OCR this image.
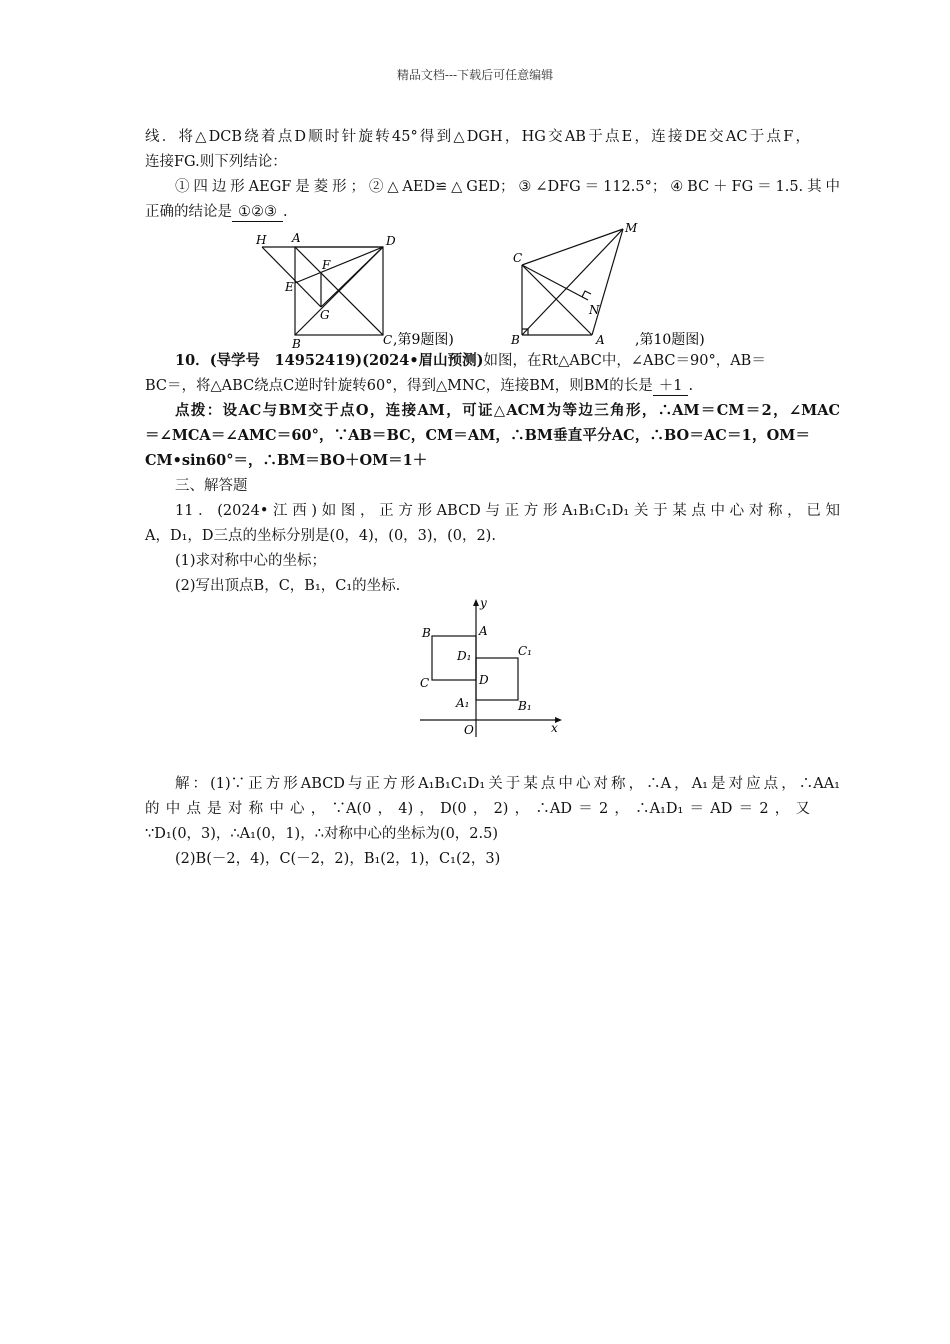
精品文档---下载后可任意编辑
线．将△DCB绕着点D顺时针旋转45°得到△DGH，HG交AB于点E，连接DE交AC于点F，
连接FG.则下列结论：
①四边形AEGF是菱形；②△AED≌△GED；③∠DFG＝112.5°；④BC＋FG＝1.5.其中
正确的结论是 ①②③ .
10．(导学号　14952419)(2024•眉山预测)如图，在Rt△ABC中，∠ABC＝90°，AB＝
BC＝，将△ABC绕点C逆时针旋转60°，得到△MNC，连接BM，则BM的长是 ＋1 .
点拨：设AC与BM交于点O，连接AM，可证△ACM为等边三角形，∴AM＝CM＝2，∠MAC
＝∠MCA＝∠AMC＝60°，∵AB＝BC，CM＝AM，∴BM垂直平分AC，∴BO＝AC＝1，OM＝
CM•sin60°＝，∴BM＝BO＋OM＝1＋
三、解答题
11．(2024•江西)如图，正方形ABCD与正方形A₁B₁C₁D₁关于某点中心对称，已知
A，D₁，D三点的坐标分别是(0，4)，(0，3)，(0，2).
(1)求对称中心的坐标；
(2)写出顶点B，C，B₁，C₁的坐标.
解：(1)∵正方形ABCD与正方形A₁B₁C₁D₁关于某点中心对称，∴A，A₁是对应点，∴AA₁
的中点是对称中心，∵A(0，4)，D(0，2)，∴AD＝2，∴A₁D₁＝AD＝2，又
∵D₁(0，3)，∴A₁(0，1)，∴对称中心的坐标为(0，2.5)
(2)B(－2，4)，C(－2，2)，B₁(2，1)，C₁(2，3)
H A	D
F
E
G
B	C ,第9题图)
M
C
N
B	A ,第10题图)
y
B	A
D₁	C₁
C	D
A₁	B₁
O	x
